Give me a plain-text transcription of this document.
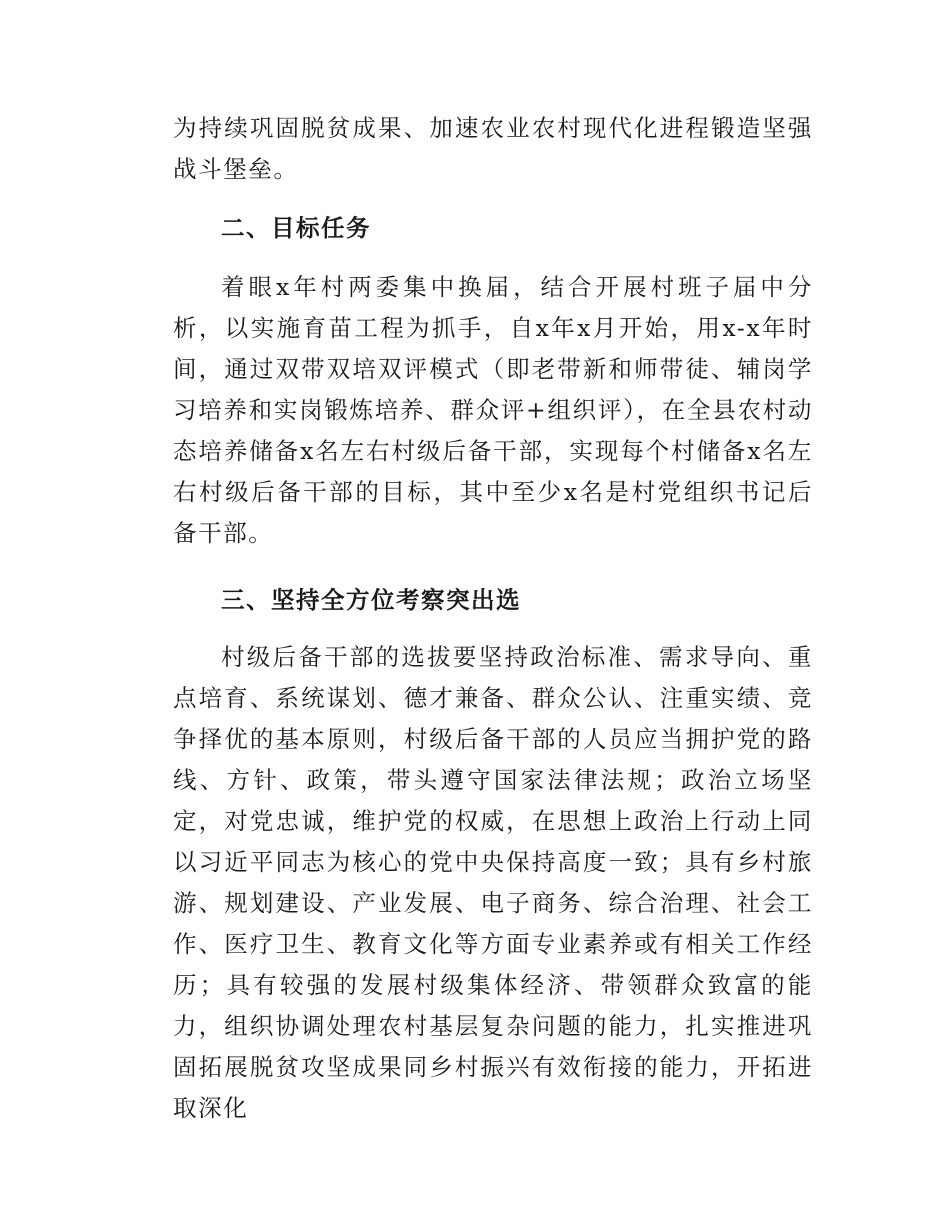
为持续巩固脱贫成果、加速农业农村现代化进程锻造坚强战斗堡垒。

二、目标任务

着眼x年村两委集中换届，结合开展村班子届中分析，以实施育苗工程为抓手，自x年x月开始，用x-x年时间，通过双带双培双评模式（即老带新和师带徒、辅岗学习培养和实岗锻炼培养、群众评+组织评），在全县农村动态培养储备x名左右村级后备干部，实现每个村储备x名左右村级后备干部的目标，其中至少x名是村党组织书记后备干部。

三、坚持全方位考察突出选

村级后备干部的选拔要坚持政治标准、需求导向、重点培育、系统谋划、德才兼备、群众公认、注重实绩、竞争择优的基本原则，村级后备干部的人员应当拥护党的路线、方针、政策，带头遵守国家法律法规；政治立场坚定，对党忠诚，维护党的权威，在思想上政治上行动上同以习近平同志为核心的党中央保持高度一致；具有乡村旅游、规划建设、产业发展、电子商务、综合治理、社会工作、医疗卫生、教育文化等方面专业素养或有相关工作经历；具有较强的发展村级集体经济、带领群众致富的能力，组织协调处理农村基层复杂问题的能力，扎实推进巩固拓展脱贫攻坚成果同乡村振兴有效衔接的能力，开拓进取深化
